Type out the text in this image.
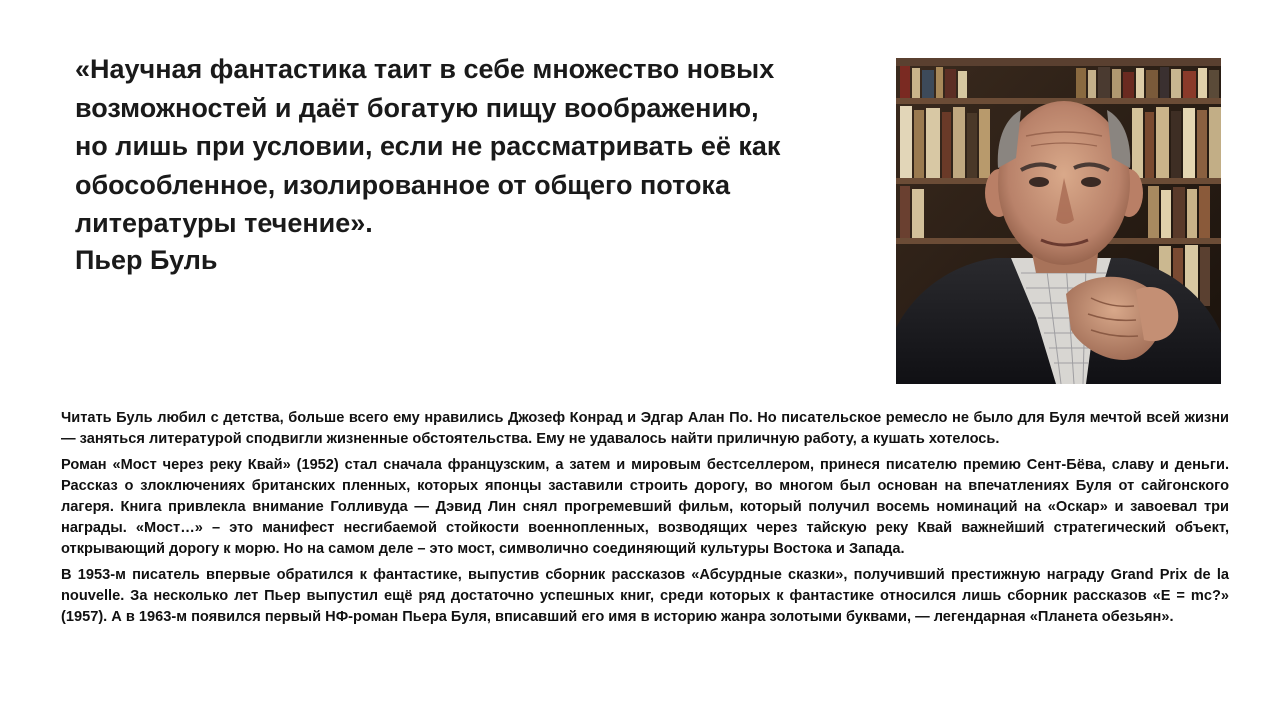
«Научная фантастика таит в себе множество новых
возможностей и даёт богатую пищу воображению,
но лишь при условии, если не рассматривать её как
обособленное, изолированное от общего потока
литературы течение».
Пьер Буль

Читать Буль любил с детства, больше всего ему нравились Джозеф Конрад и Эдгар Алан По. Но писательское ремесло не было для Буля мечтой всей жизни — заняться литературой сподвигли жизненные обстоятельства. Ему не удавалось найти приличную работу, а кушать хотелось.

Роман «Мост через реку Квай» (1952) стал сначала французским, а затем и мировым бестселлером, принеся писателю премию Сент-Бёва, славу и деньги. Рассказ о злоключениях британских пленных, которых японцы заставили строить дорогу, во многом был основан на впечатлениях Буля от сайгонского лагеря. Книга привлекла внимание Голливуда — Дэвид Лин снял прогремевший фильм, который получил восемь номинаций на «Оскар» и завоевал три награды. «Мост…» – это манифест несгибаемой стойкости военнопленных, возводящих через тайскую реку Квай важнейший стратегический объект, открывающий дорогу к морю. Но на самом деле – это мост, символично соединяющий культуры Востока и Запада.

В 1953-м писатель впервые обратился к фантастике, выпустив сборник рассказов «Абсурдные сказки», получивший престижную награду Grand Prix de la nouvelle. За несколько лет Пьер выпустил ещё ряд достаточно успешных книг, среди которых к фантастике относился лишь сборник рассказов «E = mc?» (1957). А в 1963-м появился первый НФ-роман Пьера Буля, вписавший его имя в историю жанра золотыми буквами, — легендарная «Планета обезьян».
